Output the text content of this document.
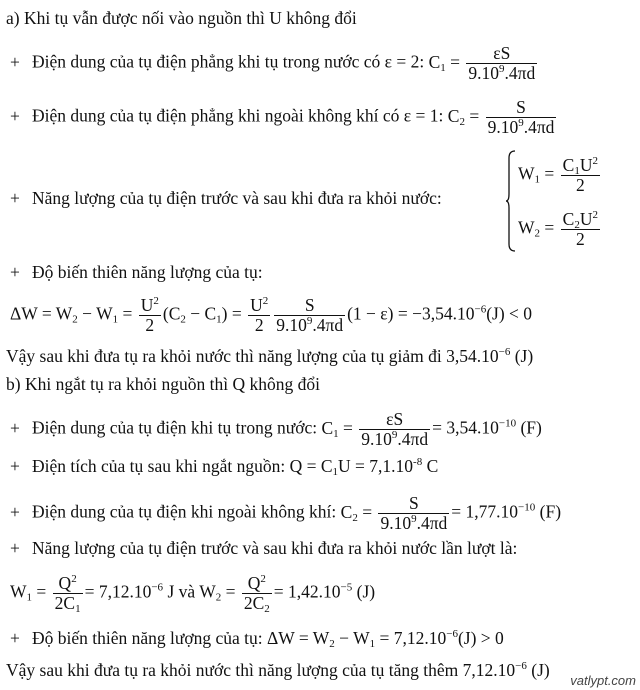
a) Khi tụ vẫn được nối vào nguồn thì U không đổi
+ Điện dung của tụ điện phẳng khi tụ trong nước có ε = 2: $C_1 = \frac{\varepsilon S}{9.10^9.4\pi d}$
+ Điện dung của tụ điện phẳng khi ngoài không khí có ε = 1: $C_2 = \frac{S}{9.10^9.4\pi d}$
+ Năng lượng của tụ điện trước và sau khi đưa ra khỏi nước:
$W_1 = \frac{C_1U^2}{2}$
$W_2 = \frac{C_2U^2}{2}$
+ Độ biến thiên năng lượng của tụ:
$\Delta W = W_2 - W_1 = \frac{U^2}{2} (C_2 - C_1) = \frac{U^2}{2} \frac{S}{9.10^9.4\pi d} (1 - \varepsilon) = -3,54.10^{-6}(J) < 0$
Vậy sau khi đưa tụ ra khỏi nước thì năng lượng của tụ giảm đi $3,54.10^{-6}$ (J)
b) Khi ngắt tụ ra khỏi nguồn thì Q không đổi
+ Điện dung của tụ điện khi tụ trong nước: $C_1 = \frac{\varepsilon S}{9.10^9.4\pi d} = 3,54.10^{-10}$ (F)
+ Điện tích của tụ sau khi ngắt nguồn: $Q = C_1U = 7,1.10^{-8}$ C
+ Điện dung của tụ điện khi ngoài không khí: $C_2 = \frac{S}{9.10^9.4\pi d} = 1,77.10^{-10}$ (F)
+ Năng lượng của tụ điện trước và sau khi đưa ra khỏi nước lần lượt là:
$W_1 = \frac{Q^2}{2C_1} = 7,12.10^{-6}$ J và $W_2 = \frac{Q^2}{2C_2} = 1,42.10^{-5}$ (J)
+ Độ biến thiên năng lượng của tụ: $\Delta W = W_2 - W_1 = 7,12.10^{-6}(J) > 0$
Vậy sau khi đưa tụ ra khỏi nước thì năng lượng của tụ tăng thêm $7,12.10^{-6}$ (J)
vatlypt.com
